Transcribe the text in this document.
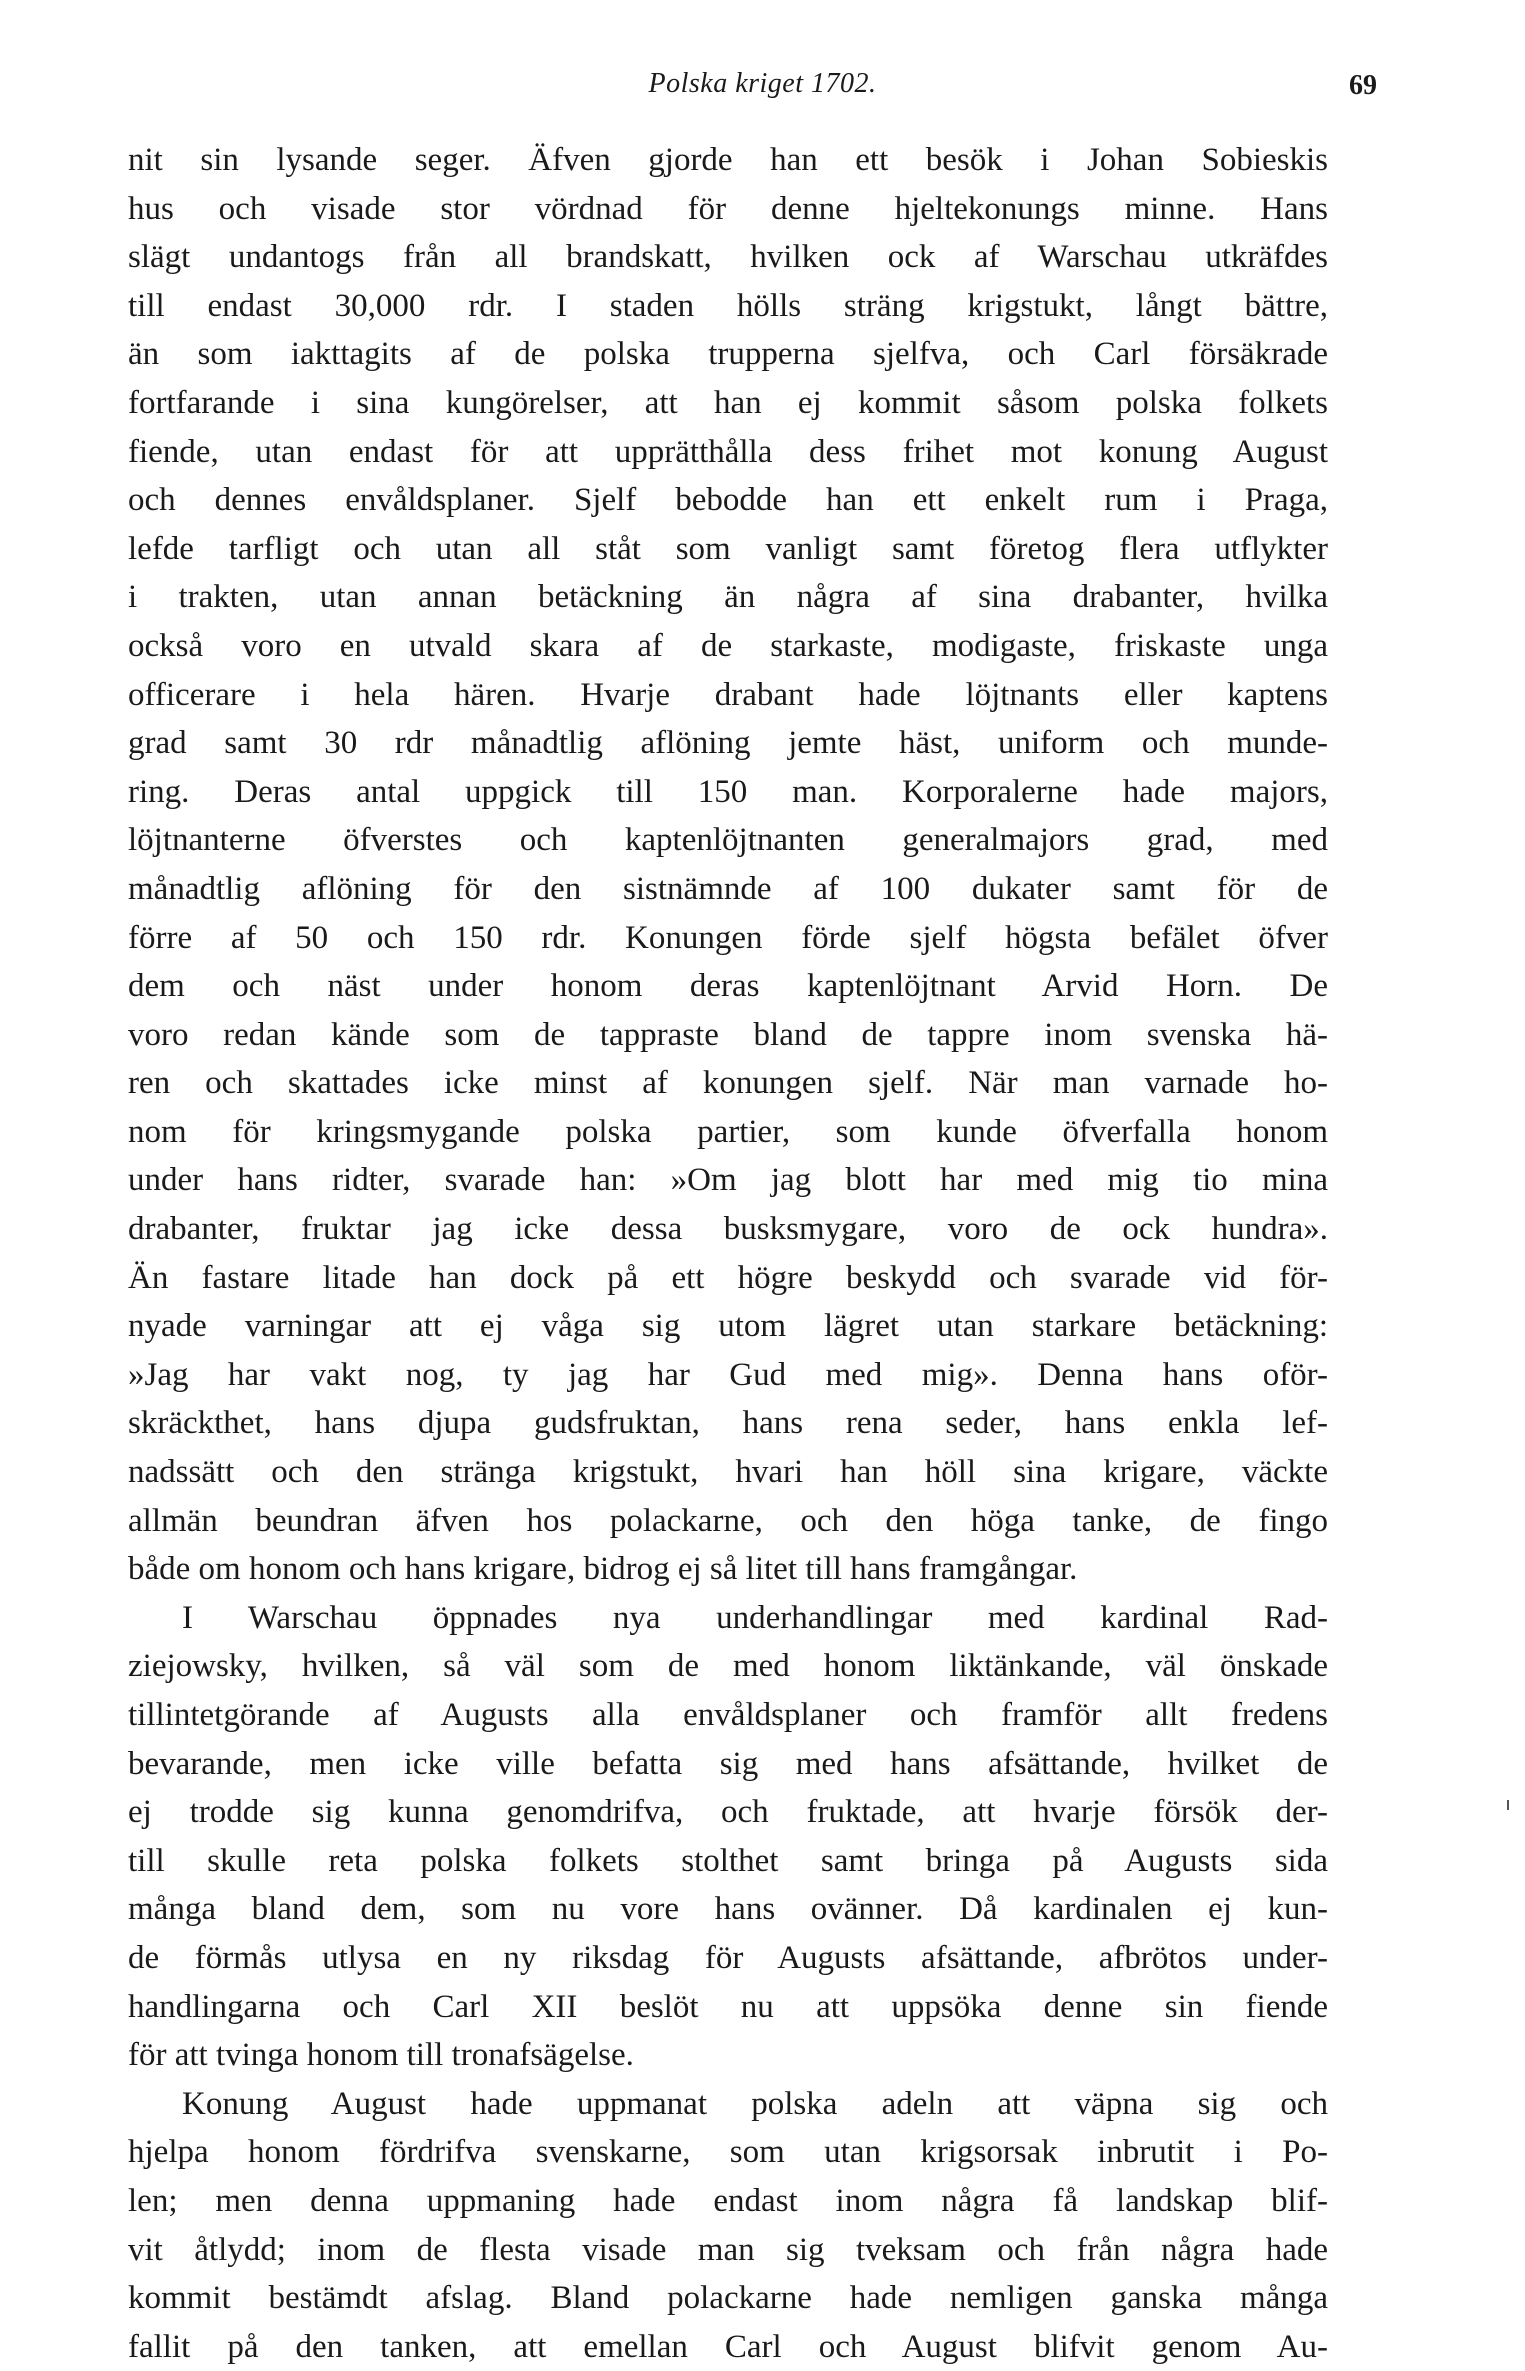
Polska kriget 1702.	69
nit sin lysande seger. Äfven gjorde han ett besök i Johan Sobieskis
hus och visade stor vördnad för denne hjeltekonungs minne. Hans
slägt undantogs från all brandskatt, hvilken ock af Warschau utkräfdes
till endast 30,000 rdr. I staden hölls sträng krigstukt, långt bättre,
än som iakttagits af de polska trupperna sjelfva, och Carl försäkrade
fortfarande i sina kungörelser, att han ej kommit såsom polska folkets
fiende, utan endast för att upprätthålla dess frihet mot konung August
och dennes envåldsplaner. Sjelf bebodde han ett enkelt rum i Praga,
lefde tarfligt och utan all ståt som vanligt samt företog flera utflykter
i trakten, utan annan betäckning än några af sina drabanter, hvilka
också voro en utvald skara af de starkaste, modigaste, friskaste unga
officerare i hela hären. Hvarje drabant hade löjtnants eller kaptens
grad samt 30 rdr månadtlig aflöning jemte häst, uniform och munde-
ring. Deras antal uppgick till 150 man. Korporalerne hade majors,
löjtnanterne öfverstes och kaptenlöjtnanten generalmajors grad, med
månadtlig aflöning för den sistnämnde af 100 dukater samt för de
förre af 50 och 150 rdr. Konungen förde sjelf högsta befälet öfver
dem och näst under honom deras kaptenlöjtnant Arvid Horn. De
voro redan kände som de tappraste bland de tappre inom svenska hä-
ren och skattades icke minst af konungen sjelf. När man varnade ho-
nom för kringsmygande polska partier, som kunde öfverfalla honom
under hans ridter, svarade han: »Om jag blott har med mig tio mina
drabanter, fruktar jag icke dessa busksmygare, voro de ock hundra».
Än fastare litade han dock på ett högre beskydd och svarade vid för-
nyade varningar att ej våga sig utom lägret utan starkare betäckning:
»Jag har vakt nog, ty jag har Gud med mig». Denna hans oför-
skräckthet, hans djupa gudsfruktan, hans rena seder, hans enkla lef-
nadssätt och den stränga krigstukt, hvari han höll sina krigare, väckte
allmän beundran äfven hos polackarne, och den höga tanke, de fingo
både om honom och hans krigare, bidrog ej så litet till hans framgångar.
I Warschau öppnades nya underhandlingar med kardinal Rad-
ziejowsky, hvilken, så väl som de med honom liktänkande, väl önskade
tillintetgörande af Augusts alla envåldsplaner och framför allt fredens
bevarande, men icke ville befatta sig med hans afsättande, hvilket de
ej trodde sig kunna genomdrifva, och fruktade, att hvarje försök der-
till skulle reta polska folkets stolthet samt bringa på Augusts sida
många bland dem, som nu vore hans ovänner. Då kardinalen ej kun-
de förmås utlysa en ny riksdag för Augusts afsättande, afbrötos under-
handlingarna och Carl XII beslöt nu att uppsöka denne sin fiende
för att tvinga honom till tronafsägelse.
Konung August hade uppmanat polska adeln att väpna sig och
hjelpa honom fördrifva svenskarne, som utan krigsorsak inbrutit i Po-
len; men denna uppmaning hade endast inom några få landskap blif-
vit åtlydd; inom de flesta visade man sig tveksam och från några hade
kommit bestämdt afslag. Bland polackarne hade nemligen ganska många
fallit på den tanken, att emellan Carl och August blifvit genom Au-
